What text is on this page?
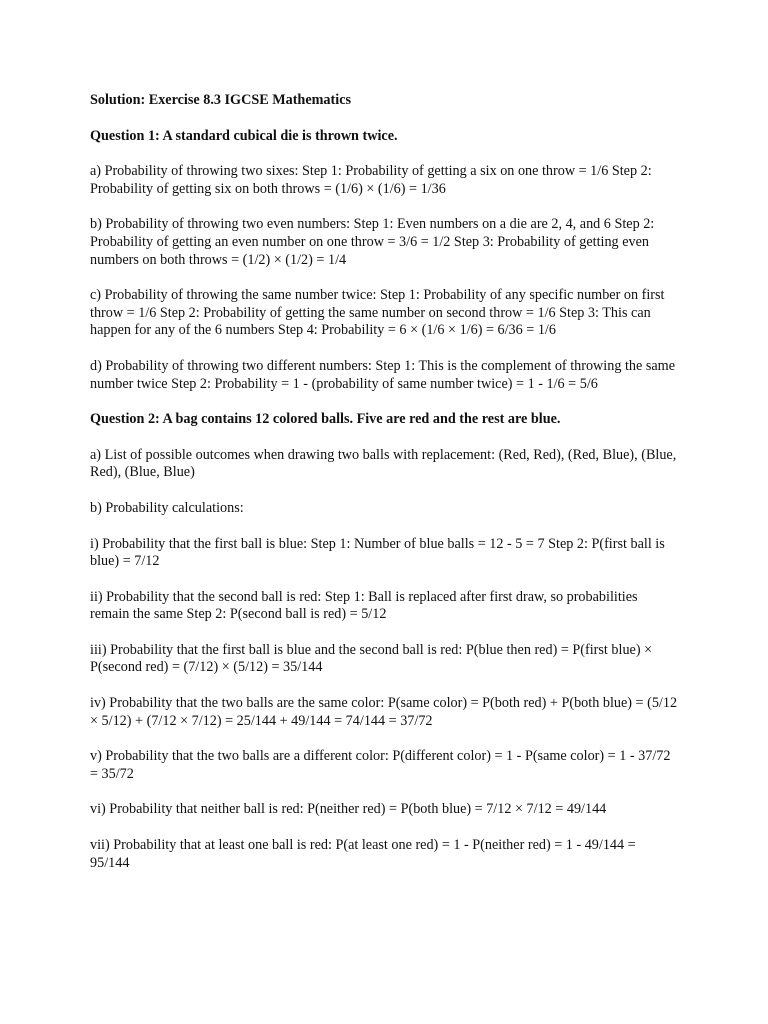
Solution: Exercise 8.3 IGCSE Mathematics
Question 1: A standard cubical die is thrown twice.
a) Probability of throwing two sixes: Step 1: Probability of getting a six on one throw = 1/6 Step 2: Probability of getting six on both throws = (1/6) × (1/6) = 1/36
b) Probability of throwing two even numbers: Step 1: Even numbers on a die are 2, 4, and 6 Step 2: Probability of getting an even number on one throw = 3/6 = 1/2 Step 3: Probability of getting even numbers on both throws = (1/2) × (1/2) = 1/4
c) Probability of throwing the same number twice: Step 1: Probability of any specific number on first throw = 1/6 Step 2: Probability of getting the same number on second throw = 1/6 Step 3: This can happen for any of the 6 numbers Step 4: Probability = 6 × (1/6 × 1/6) = 6/36 = 1/6
d) Probability of throwing two different numbers: Step 1: This is the complement of throwing the same number twice Step 2: Probability = 1 - (probability of same number twice) = 1 - 1/6 = 5/6
Question 2: A bag contains 12 colored balls. Five are red and the rest are blue.
a) List of possible outcomes when drawing two balls with replacement: (Red, Red), (Red, Blue), (Blue, Red), (Blue, Blue)
b) Probability calculations:
i) Probability that the first ball is blue: Step 1: Number of blue balls = 12 - 5 = 7 Step 2: P(first ball is blue) = 7/12
ii) Probability that the second ball is red: Step 1: Ball is replaced after first draw, so probabilities remain the same Step 2: P(second ball is red) = 5/12
iii) Probability that the first ball is blue and the second ball is red: P(blue then red) = P(first blue) × P(second red) = (7/12) × (5/12) = 35/144
iv) Probability that the two balls are the same color: P(same color) = P(both red) + P(both blue) = (5/12 × 5/12) + (7/12 × 7/12) = 25/144 + 49/144 = 74/144 = 37/72
v) Probability that the two balls are a different color: P(different color) = 1 - P(same color) = 1 - 37/72 = 35/72
vi) Probability that neither ball is red: P(neither red) = P(both blue) = 7/12 × 7/12 = 49/144
vii) Probability that at least one ball is red: P(at least one red) = 1 - P(neither red) = 1 - 49/144 = 95/144
